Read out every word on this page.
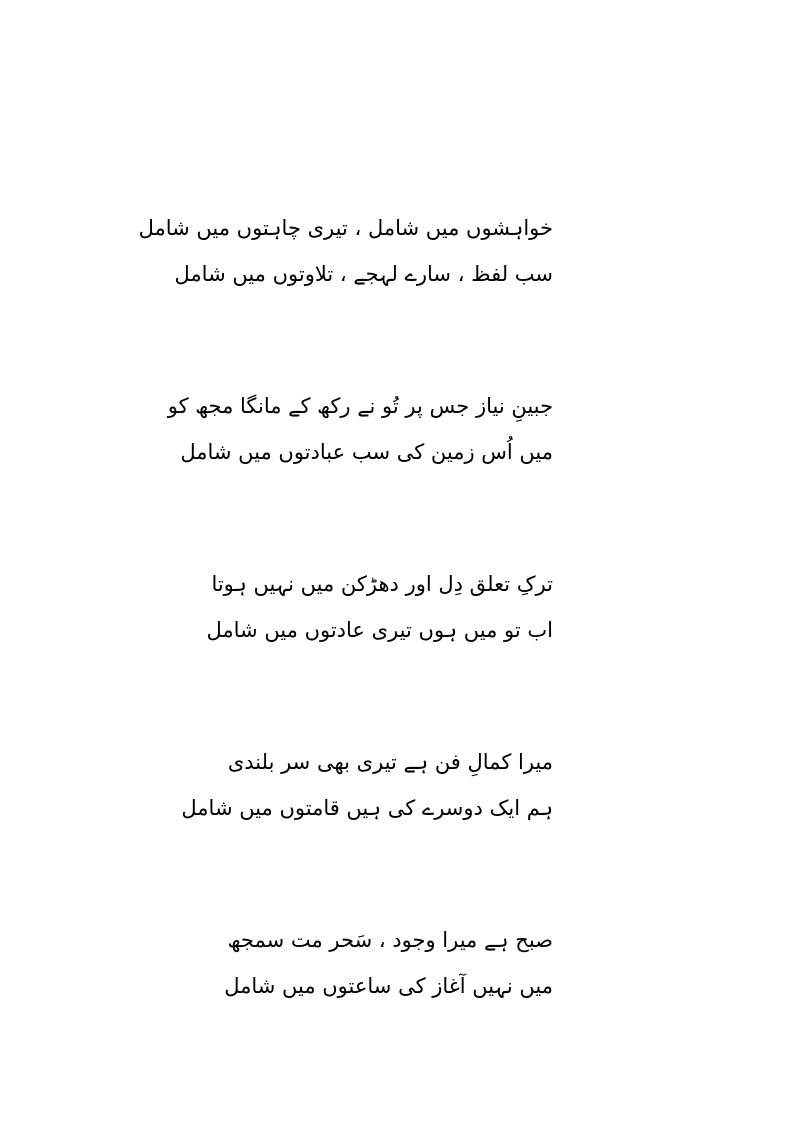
خواہشوں میں شامل ، تیری چاہتوں میں شامل
سب لفظ ، سارے لہجے ، تلاوتوں میں شامل
جبینِ نیاز جس پر تُو نے رکھ کے مانگا مجھ کو
میں اُس زمین کی سب عبادتوں میں شامل
ترکِ تعلق دِل اور دھڑکن میں نہیں ہوتا
اب تو میں ہوں تیری عادتوں میں شامل
میرا کمالِ فن ہے تیری بھی سر بلندی
ہم ایک دوسرے کی ہیں قامتوں میں شامل
صبح ہے میرا وجود ، سَحر مت سمجھ
میں نہیں آغاز کی ساعتوں میں شامل
